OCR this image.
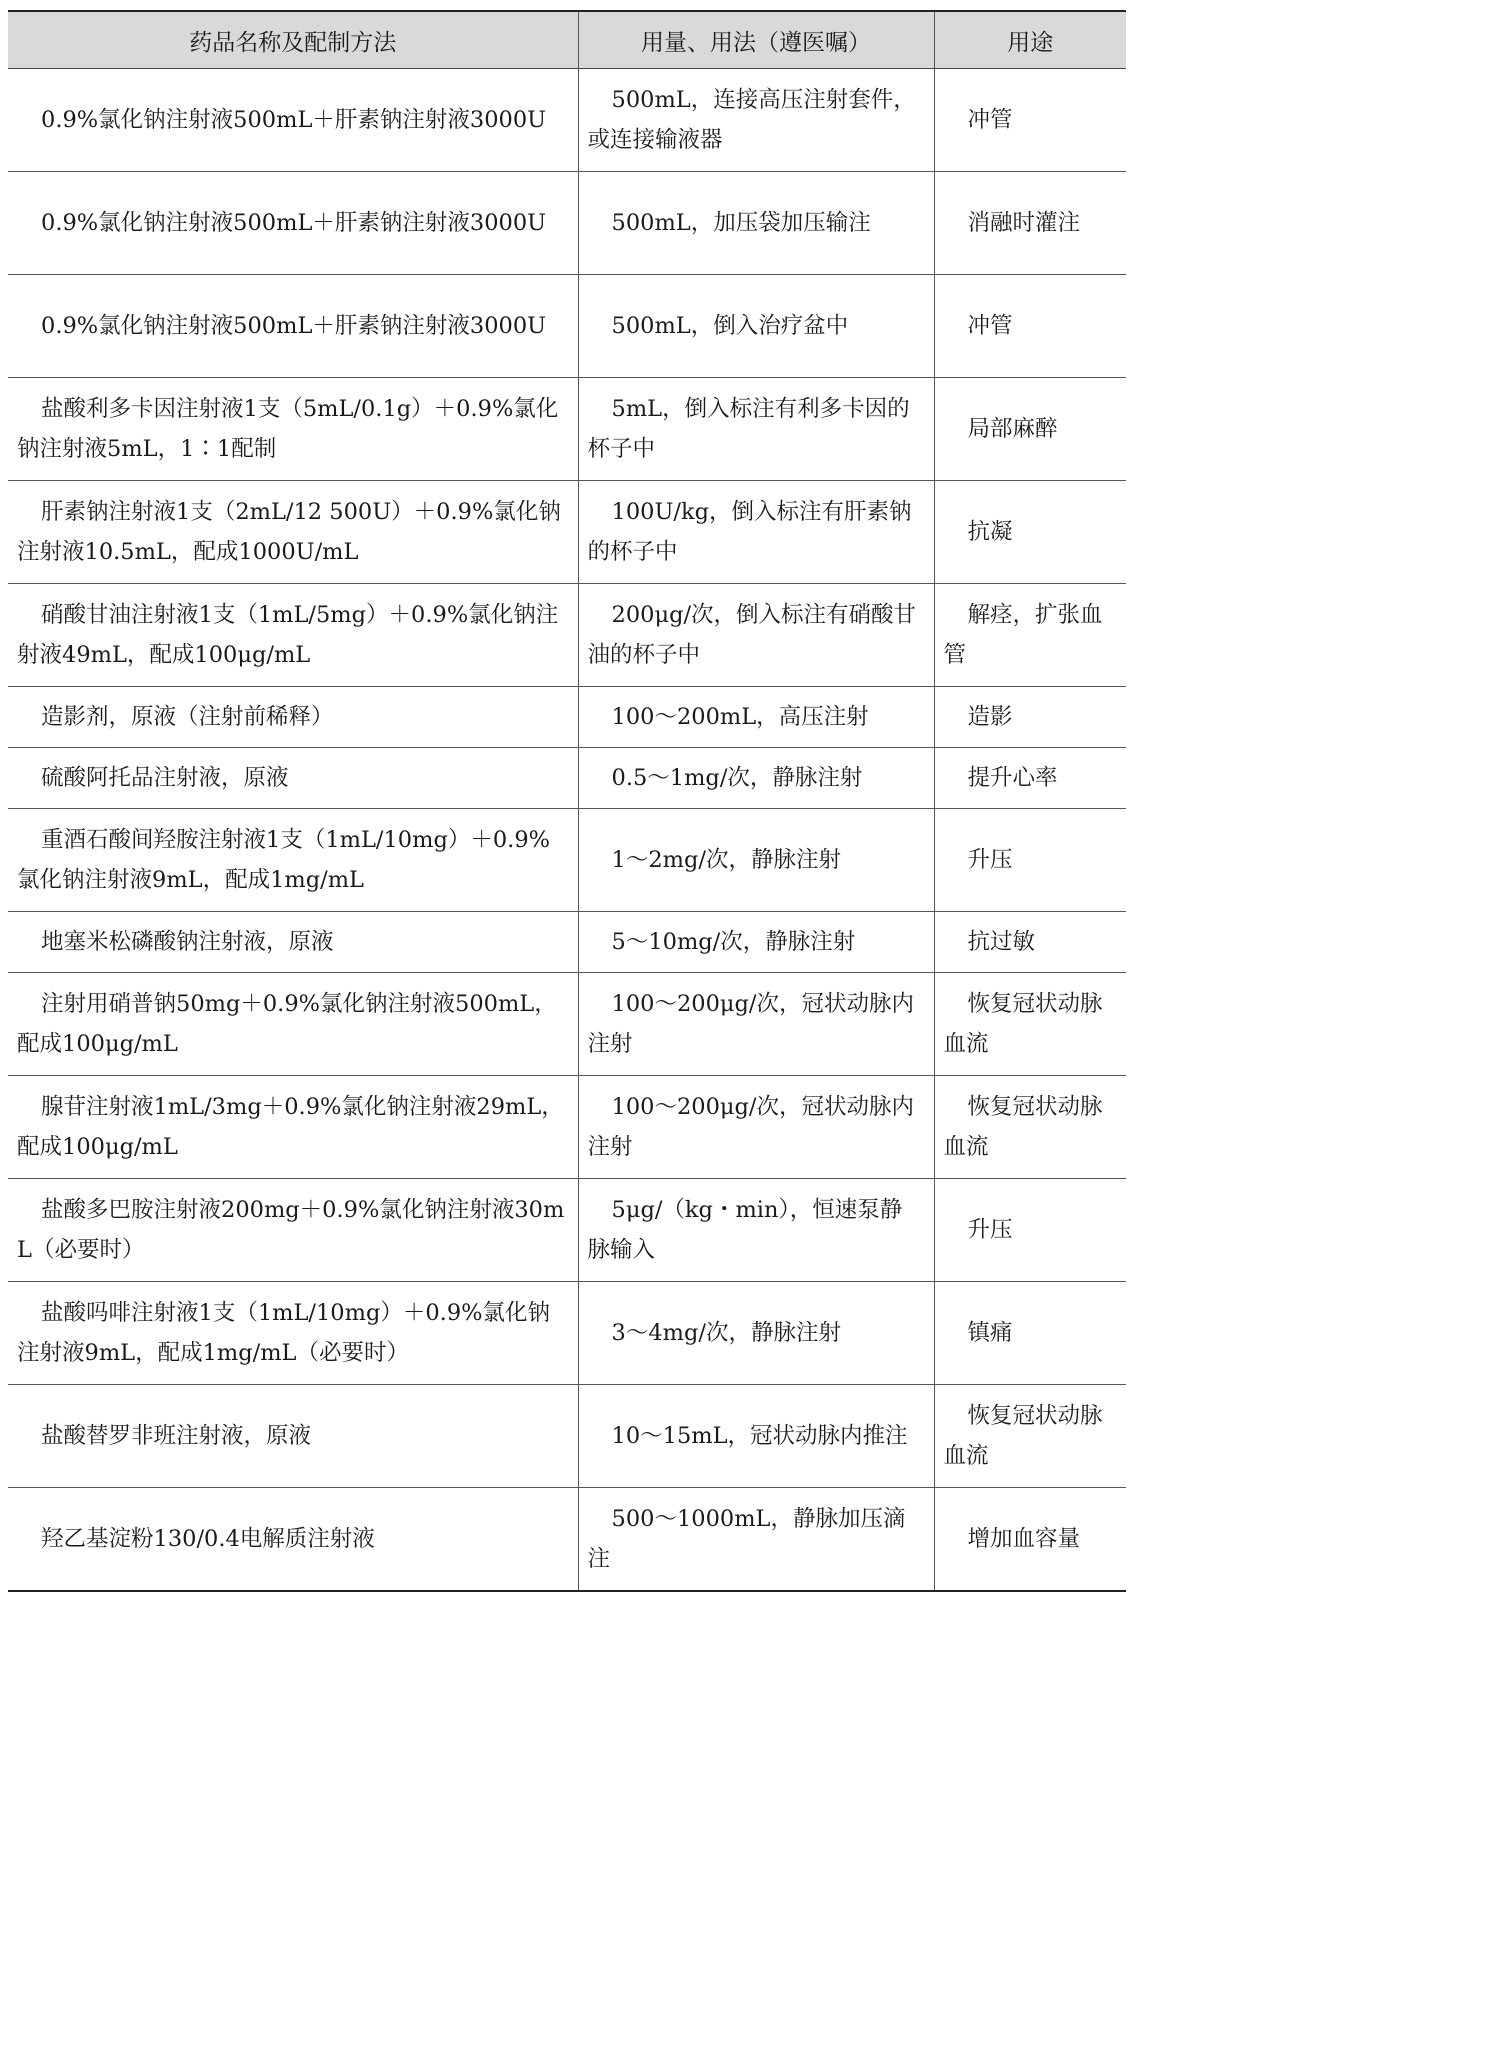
药品名称及配制方法	用量、用法（遵医嘱）	用途

0.9%氯化钠注射液500mL＋肝素钠注射液3000U	500mL，连接高压注射套件，或连接输液器	冲管

0.9%氯化钠注射液500mL＋肝素钠注射液3000U	500mL，加压袋加压输注	消融时灌注

0.9%氯化钠注射液500mL＋肝素钠注射液3000U	500mL，倒入治疗盆中	冲管

盐酸利多卡因注射液1支（5mL/0.1g）＋0.9%氯化钠注射液5mL，1∶1配制	5mL，倒入标注有利多卡因的杯子中	局部麻醉

肝素钠注射液1支（2mL/12 500U）＋0.9%氯化钠注射液10.5mL，配成1000U/mL	100U/kg，倒入标注有肝素钠的杯子中	抗凝

硝酸甘油注射液1支（1mL/5mg）＋0.9%氯化钠注射液49mL，配成100μg/mL	200μg/次，倒入标注有硝酸甘油的杯子中	解痉，扩张血管

造影剂，原液（注射前稀释）	100～200mL，高压注射	造影

硫酸阿托品注射液，原液	0.5～1mg/次，静脉注射	提升心率

重酒石酸间羟胺注射液1支（1mL/10mg）＋0.9%氯化钠注射液9mL，配成1mg/mL	1～2mg/次，静脉注射	升压

地塞米松磷酸钠注射液，原液	5～10mg/次，静脉注射	抗过敏

注射用硝普钠50mg＋0.9%氯化钠注射液500mL，配成100μg/mL	100～200μg/次，冠状动脉内注射	恢复冠状动脉血流

腺苷注射液1mL/3mg＋0.9%氯化钠注射液29mL，配成100μg/mL	100～200μg/次，冠状动脉内注射	恢复冠状动脉血流

盐酸多巴胺注射液200mg＋0.9%氯化钠注射液30mL（必要时）	5μg/（kg・min），恒速泵静脉输入	升压

盐酸吗啡注射液1支（1mL/10mg）＋0.9%氯化钠注射液9mL，配成1mg/mL（必要时）	3～4mg/次，静脉注射	镇痛

盐酸替罗非班注射液，原液	10～15mL，冠状动脉内推注	恢复冠状动脉血流

羟乙基淀粉130/0.4电解质注射液	500～1000mL，静脉加压滴注	增加血容量
